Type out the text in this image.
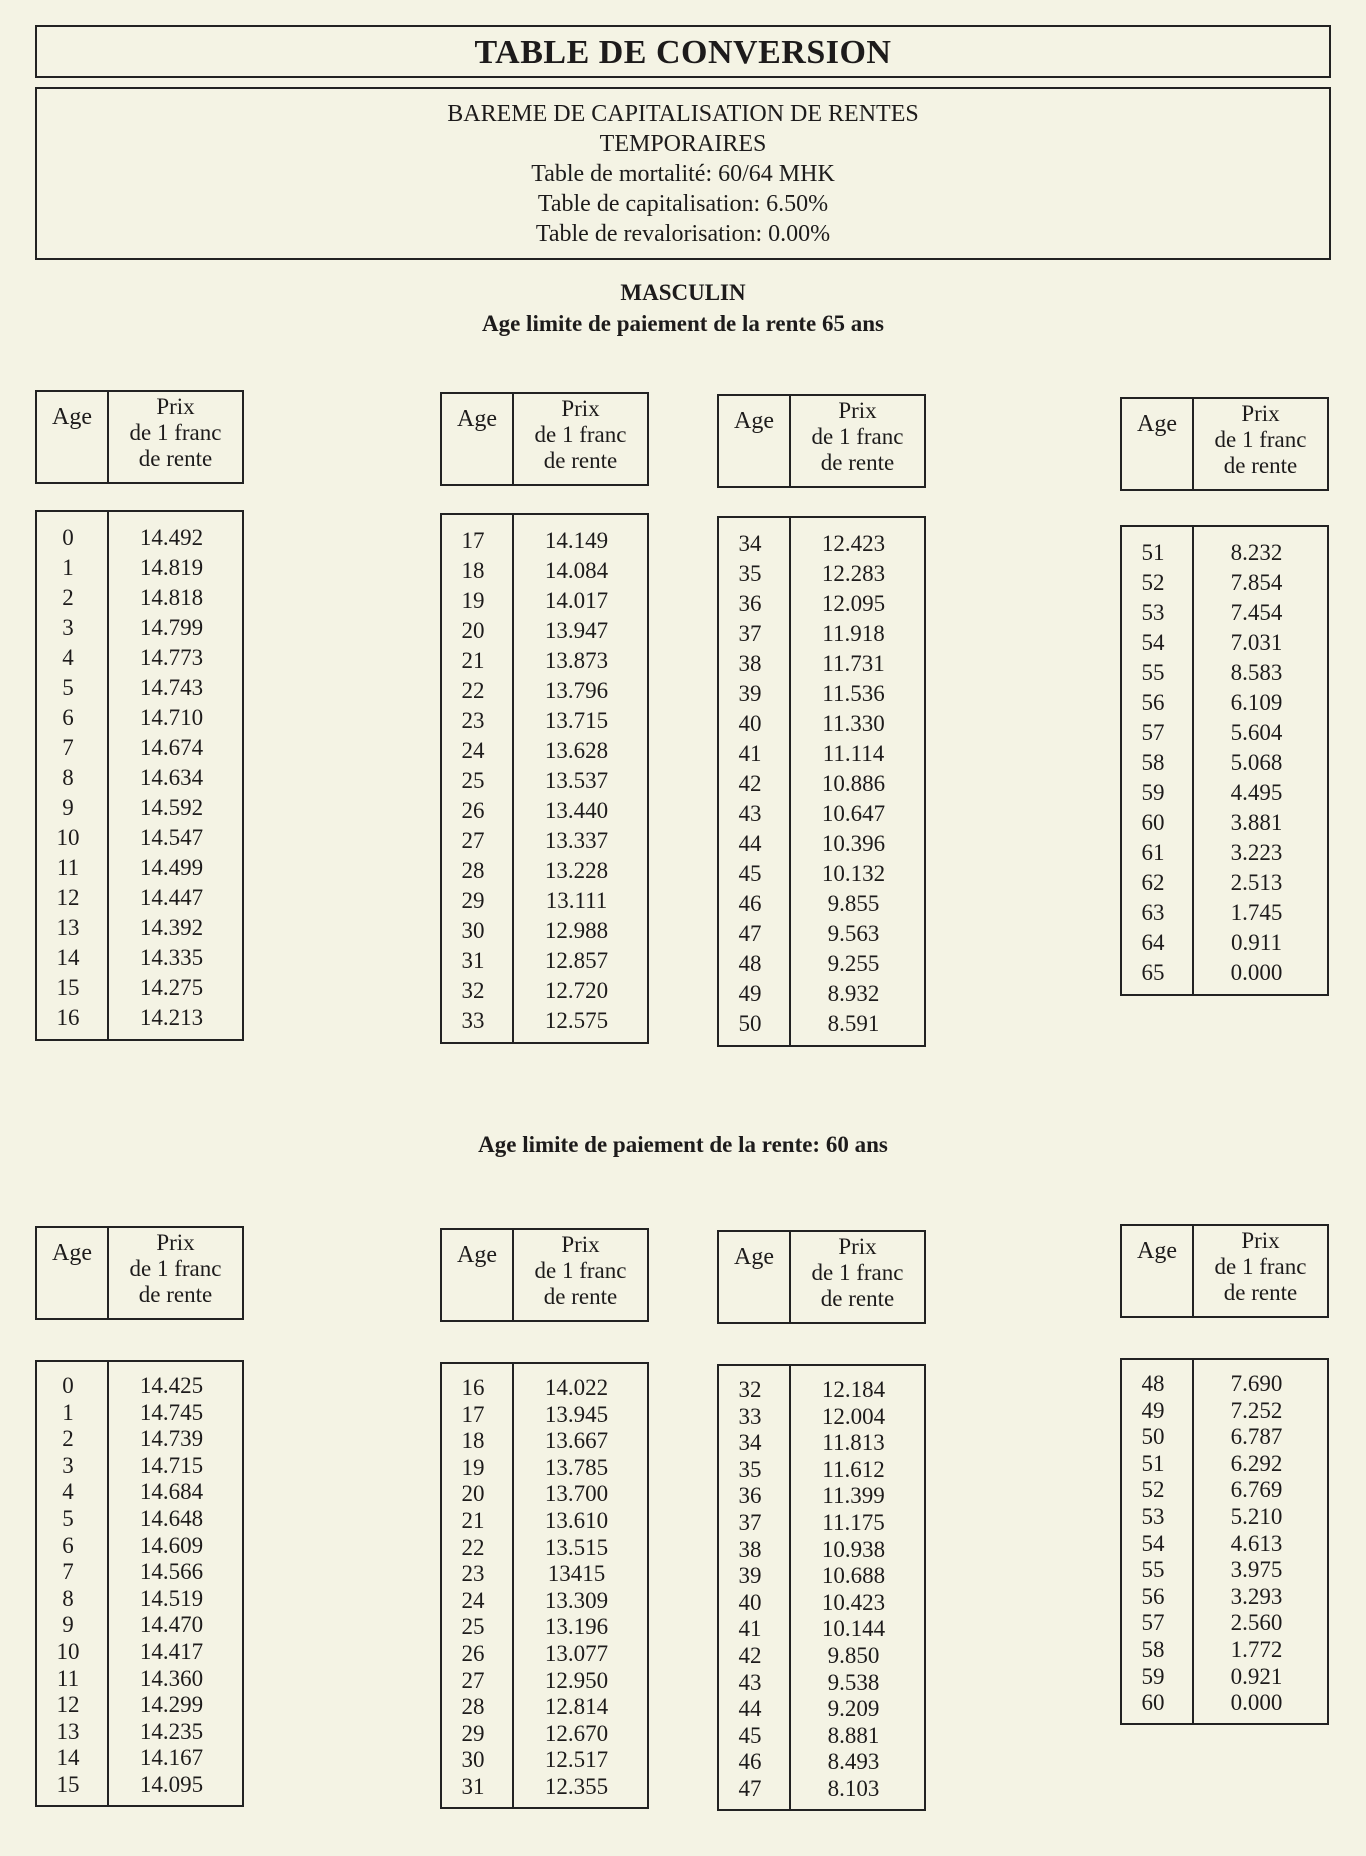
TABLE DE CONVERSION
BAREME DE CAPITALISATION DE RENTES
TEMPORAIRES
Table de mortalité: 60/64 MHK
Table de capitalisation: 6.50%
Table de revalorisation: 0.00%
MASCULIN
Age limite de paiement de la rente 65 ans
Age limite de paiement de la rente: 60 ans
Age	Prix
de 1 franc
de rente
0	14.492
1	14.819
2	14.818
3	14.799
4	14.773
5	14.743
6	14.710
7	14.674
8	14.634
9	14.592
10	14.547
11	14.499
12	14.447
13	14.392
14	14.335
15	14.275
16	14.213
Age	Prix
de 1 franc
de rente
17	14.149
18	14.084
19	14.017
20	13.947
21	13.873
22	13.796
23	13.715
24	13.628
25	13.537
26	13.440
27	13.337
28	13.228
29	13.111
30	12.988
31	12.857
32	12.720
33	12.575
Age	Prix
de 1 franc
de rente
34	12.423
35	12.283
36	12.095
37	11.918
38	11.731
39	11.536
40	11.330
41	11.114
42	10.886
43	10.647
44	10.396
45	10.132
46	9.855
47	9.563
48	9.255
49	8.932
50	8.591
Age	Prix
de 1 franc
de rente
51	8.232
52	7.854
53	7.454
54	7.031
55	8.583
56	6.109
57	5.604
58	5.068
59	4.495
60	3.881
61	3.223
62	2.513
63	1.745
64	0.911
65	0.000
Age	Prix
de 1 franc
de rente
0	14.425
1	14.745
2	14.739
3	14.715
4	14.684
5	14.648
6	14.609
7	14.566
8	14.519
9	14.470
10	14.417
11	14.360
12	14.299
13	14.235
14	14.167
15	14.095
Age	Prix
de 1 franc
de rente
16	14.022
17	13.945
18	13.667
19	13.785
20	13.700
21	13.610
22	13.515
23	13415
24	13.309
25	13.196
26	13.077
27	12.950
28	12.814
29	12.670
30	12.517
31	12.355
Age	Prix
de 1 franc
de rente
32	12.184
33	12.004
34	11.813
35	11.612
36	11.399
37	11.175
38	10.938
39	10.688
40	10.423
41	10.144
42	9.850
43	9.538
44	9.209
45	8.881
46	8.493
47	8.103
Age	Prix
de 1 franc
de rente
48	7.690
49	7.252
50	6.787
51	6.292
52	6.769
53	5.210
54	4.613
55	3.975
56	3.293
57	2.560
58	1.772
59	0.921
60	0.000
